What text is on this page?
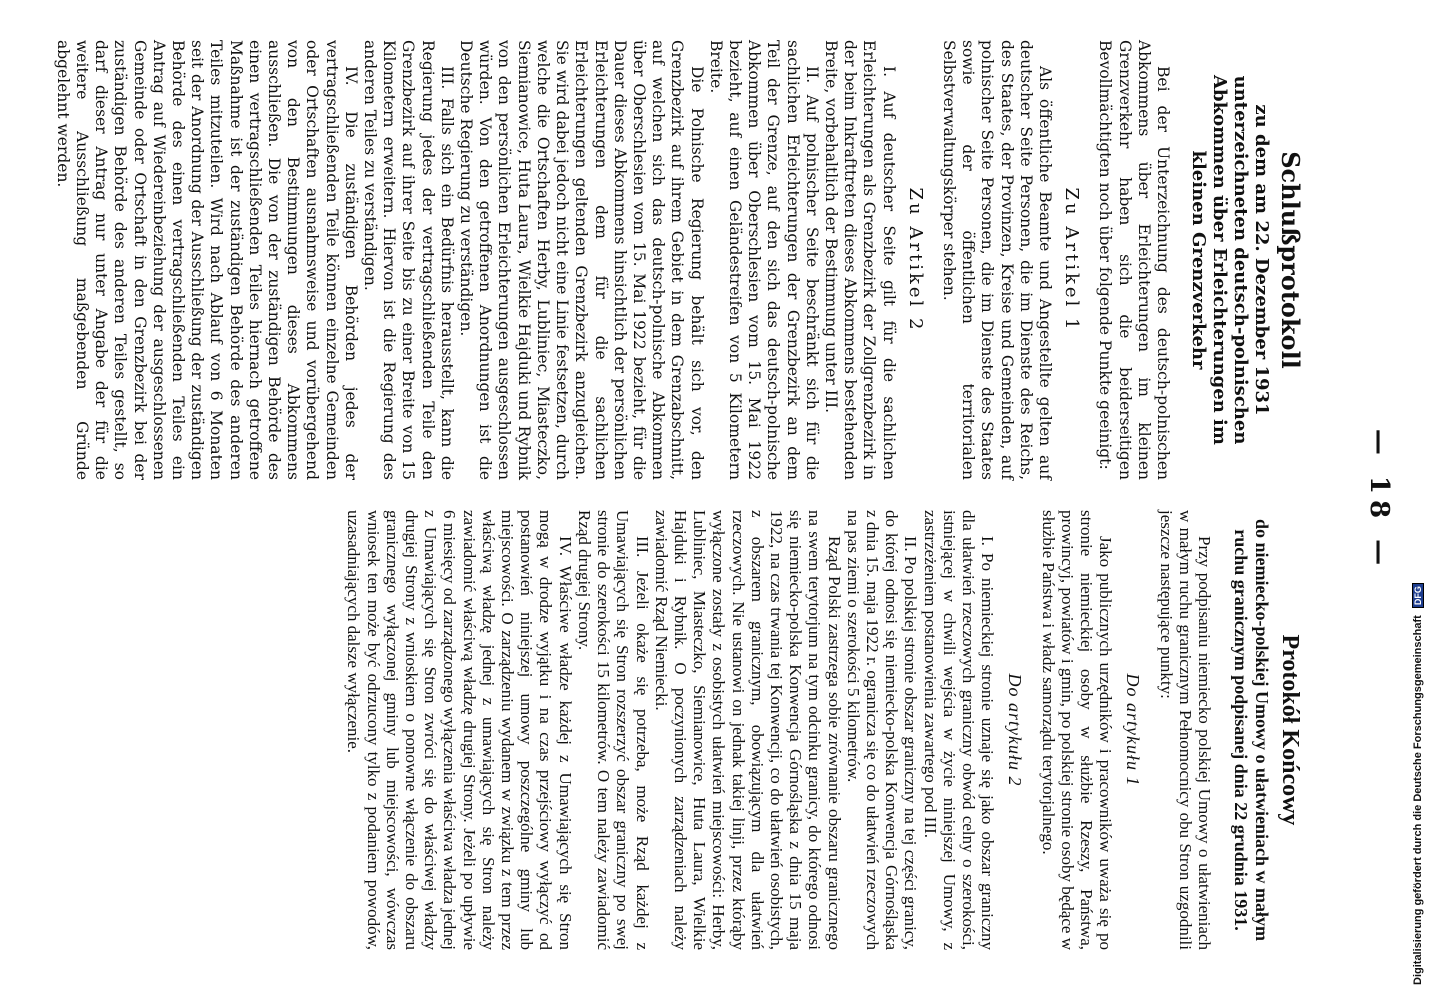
— 18 —
Schlußprotokoll
zu dem am 22. Dezember 1931 unterzeichneten deutsch-polnischen Abkommen über Erleichterungen im kleinen Grenzverkehr

Bei der Unterzeichnung des deutsch-polnischen Abkommens über Erleichterungen im kleinen Grenzverkehr haben sich die beiderseitigen Bevollmächtigten noch über folgende Punkte geeinigt:

Zu Artikel 1

Als öffentliche Beamte und Angestellte gelten auf deutscher Seite Personen, die im Dienste des Reichs, des Staates, der Provinzen, Kreise und Gemeinden, auf polnischer Seite Personen, die im Dienste des Staates sowie der öffentlichen territorialen Selbstverwaltungskörper stehen.

Zu Artikel 2

I. Auf deutscher Seite gilt für die sachlichen Erleichterungen als Grenzbezirk der Zollgrenzbezirk in der beim Inkrafttreten dieses Abkommens bestehenden Breite, vorbehaltlich der Bestimmung unter III.

II. Auf polnischer Seite beschränkt sich für die sachlichen Erleichterungen der Grenzbezirk an dem Teil der Grenze, auf den sich das deutsch-polnische Abkommen über Oberschlesien vom 15. Mai 1922 bezieht, auf einen Geländestreifen von 5 Kilometern Breite.

Die Polnische Regierung behält sich vor, den Grenzbezirk auf ihrem Gebiet in dem Grenzabschnitt, auf welchen sich das deutsch-polnische Abkommen über Oberschlesien vom 15. Mai 1922 bezieht, für die Dauer dieses Abkommens hinsichtlich der persönlichen Erleichterungen dem für die sachlichen Erleichterungen geltenden Grenzbezirk anzugleichen. Sie wird dabei jedoch nicht eine Linie festsetzen, durch welche die Ortschaften Herby, Lubliniec, Miasteczko, Siemianowice, Huta Laura, Wielkie Hajduki und Rybnik von den persönlichen Erleichterungen ausgeschlossen würden. Von den getroffenen Anordnungen ist die Deutsche Regierung zu verständigen.

III. Falls sich ein Bedürfnis herausstellt, kann die Regierung jedes der vertragschließenden Teile den Grenzbezirk auf ihrer Seite bis zu einer Breite von 15 Kilometern erweitern. Hiervon ist die Regierung des anderen Teiles zu verständigen.

IV. Die zuständigen Behörden jedes der vertragschließenden Teile können einzelne Gemeinden oder Ortschaften ausnahmsweise und vorübergehend von den Bestimmungen dieses Abkommens ausschließen. Die von der zuständigen Behörde des einen vertragschließenden Teiles hiernach getroffene Maßnahme ist der zuständigen Behörde des anderen Teiles mitzuteilen. Wird nach Ablauf von 6 Monaten seit der Anordnung der Ausschließung der zuständigen Behörde des einen vertragschließenden Teiles ein Antrag auf Wiedereinbeziehung der ausgeschlossenen Gemeinde oder Ortschaft in den Grenzbezirk bei der zuständigen Behörde des anderen Teiles gestellt, so darf dieser Antrag nur unter Angabe der für die weitere Ausschließung maßgebenden Gründe abgelehnt werden.

Protokół Końcowy
do niemiecko-polskiej Umowy o ułatwieniach w małym ruchu granicznym podpisanej dnia 22 grudnia 1931.

Przy podpisaniu niemiecko polskiej Umowy o ułatwieniach w małym ruchu granicznym Pełnomocnicy obu Stron uzgodnili jeszcze następujące punkty:

Do artykułu 1

Jako publicznych urzędników i pracowników uważa się po stronie niemieckiej osoby w służbie Rzeszy, Państwa, prowincyj, powiatów i gmin, po polskiej stronie osoby będące w służbie Państwa i władz samorządu terytorjalnego.

Do artykułu 2

I. Po niemieckiej stronie uznaje się jako obszar graniczny dla ułatwień rzeczowych graniczny obwód celny o szerokości, istniejącej w chwili wejścia w życie niniejszej Umowy, z zastrzeżeniem postanowienia zawartego pod III.

II. Po polskiej stronie obszar graniczny na tej części granicy, do której odnosi się niemiecko-polska Konwencja Górnośląska z dnia 15. maja 1922 r. ogranicza się co do ułatwień rzeczowych na pas ziemi o szerokości 5 kilometrów.

Rząd Polski zastrzega sobie zrównanie obszaru granicznego na swem terytorjum na tym odcinku granicy, do którego odnosi się niemiecko-polska Konwencja Górnośląska z dnia 15 maja 1922, na czas trwania tej Konwencji, co do ułatwień osobistych, z obszarem granicznym, obowiązującym dla ułatwień rzeczowych. Nie ustanowi on jednak takiej linji, przez którąby wyłączone zostały z osobistych ułatwień miejscowości: Herby, Lubliniec, Miasteczko, Siemianowice, Huta Laura, Wielkie Hajduki i Rybnik. O poczynionych zarządzeniach należy zawiadomić Rząd Niemiecki.

III. Jeżeli okaże się potrzeba, może Rząd każdej z Umawiających się Stron rozszerzyć obszar graniczny po swej stronie do szerokości 15 kilometrów. O tem należy zawiadomić Rząd drugiej Strony.

IV. Właściwe władze każdej z Umawiających się Stron mogą w drodze wyjątku i na czas przejściowy wyłączyć od postanowień niniejszej umowy poszczególne gminy lub miejscowości. O zarządzeniu wydanem w związku z tem przez właściwą władzę jednej z umawiających się Stron należy zawiadomić właściwą władzę drugiej Strony. Jeżeli po upływie 6 miesięcy od zarządzonego wyłączenia właściwa władza jednej z Umawiających się Stron zwróci się do właściwej władzy drugiej Strony z wnioskiem o ponowne włączenie do obszaru granicznego wyłączonej gminy lub miejscowości, wówczas wniosek ten może być odrzucony tylko z podaniem powodów, uzasadniających dalsze wyłączenie.	Digitalisierung gefördert durch die Deutsche Forschungsgemeinschaft DFG
